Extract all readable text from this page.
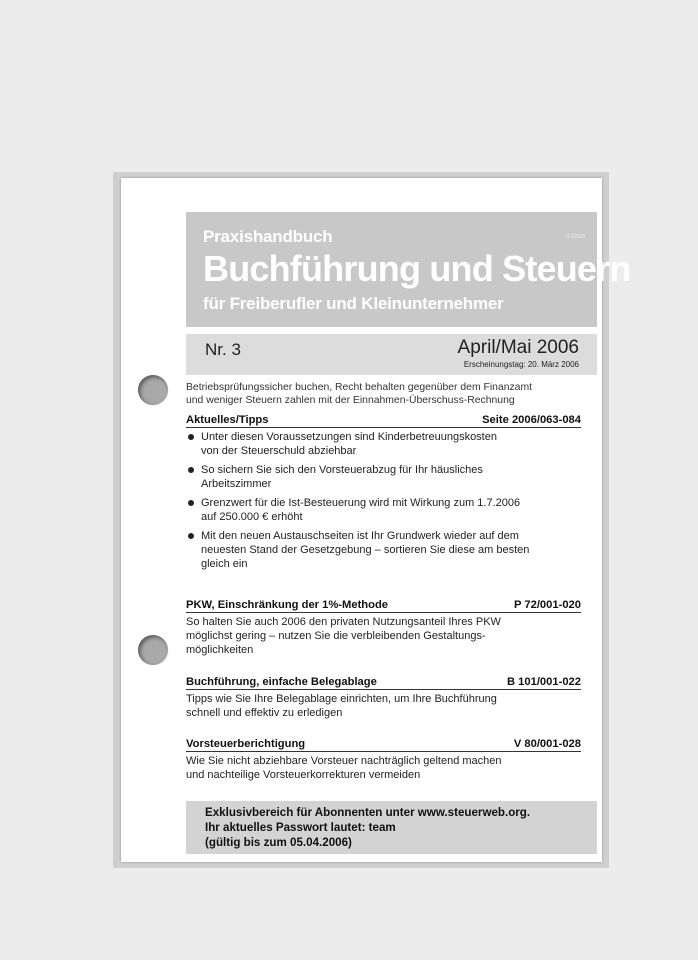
Praxishandbuch	G 12523
Buchführung und Steuern
für Freiberufler und Kleinunternehmer
Nr. 3	April/Mai 2006
Erscheinungstag: 20. März 2006
Betriebsprüfungssicher buchen, Recht behalten gegenüber dem Finanzamt
und weniger Steuern zahlen mit der Einnahmen-Überschuss-Rechnung
Aktuelles/Tipps	Seite 2006/063-084
Unter diesen Voraussetzungen sind Kinderbetreuungskosten
von der Steuerschuld abziehbar
So sichern Sie sich den Vorsteuerabzug für Ihr häusliches
Arbeitszimmer
Grenzwert für die Ist-Besteuerung wird mit Wirkung zum 1.7.2006
auf 250.000 € erhöht
Mit den neuen Austauschseiten ist Ihr Grundwerk wieder auf dem
neuesten Stand der Gesetzgebung – sortieren Sie diese am besten
gleich ein
PKW, Einschränkung der 1%-Methode	P 72/001-020
So halten Sie auch 2006 den privaten Nutzungsanteil Ihres PKW
möglichst gering – nutzen Sie die verbleibenden Gestaltungs-
möglichkeiten
Buchführung, einfache Belegablage	B 101/001-022
Tipps wie Sie Ihre Belegablage einrichten, um Ihre Buchführung
schnell und effektiv zu erledigen
Vorsteuerberichtigung	V 80/001-028
Wie Sie nicht abziehbare Vorsteuer nachträglich geltend machen
und nachteilige Vorsteuerkorrekturen vermeiden
Exklusivbereich für Abonnenten unter www.steuerweb.org.
Ihr aktuelles Passwort lautet: team
(gültig bis zum 05.04.2006)
